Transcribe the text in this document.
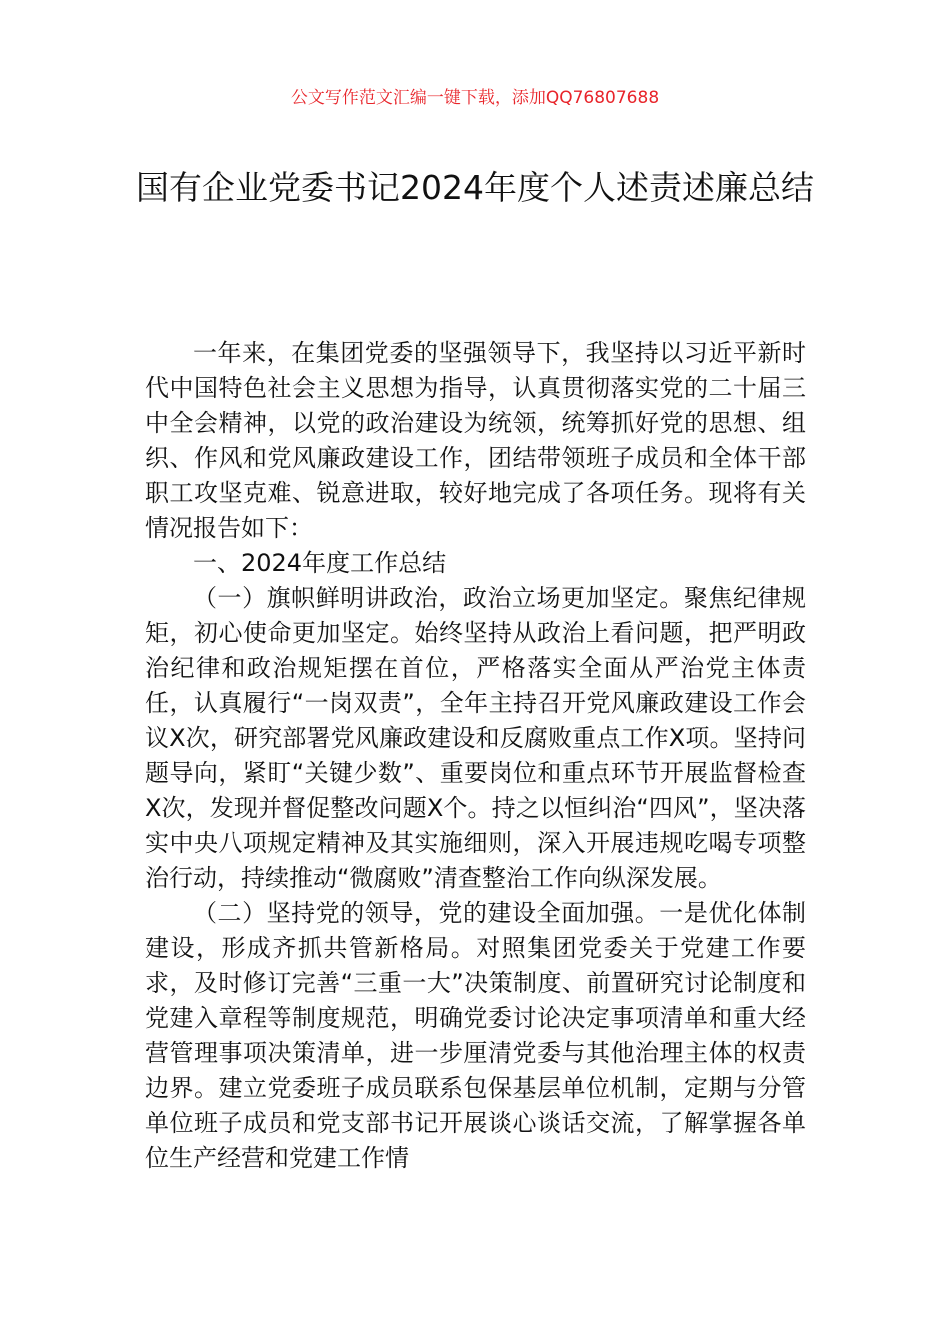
公文写作范文汇编一键下载，添加QQ76807688
国有企业党委书记2024年度个人述责述廉总结

一年来，在集团党委的坚强领导下，我坚持以习近平新时代中国特色社会主义思想为指导，认真贯彻落实党的二十届三中全会精神，以党的政治建设为统领，统筹抓好党的思想、组织、作风和党风廉政建设工作，团结带领班子成员和全体干部职工攻坚克难、锐意进取，较好地完成了各项任务。现将有关情况报告如下：

一、2024年度工作总结

（一）旗帜鲜明讲政治，政治立场更加坚定。聚焦纪律规矩，初心使命更加坚定。始终坚持从政治上看问题，把严明政治纪律和政治规矩摆在首位，严格落实全面从严治党主体责任，认真履行“一岗双责”，全年主持召开党风廉政建设工作会议X次，研究部署党风廉政建设和反腐败重点工作X项。坚持问题导向，紧盯“关键少数”、重要岗位和重点环节开展监督检查X次，发现并督促整改问题X个。持之以恒纠治“四风”，坚决落实中央八项规定精神及其实施细则，深入开展违规吃喝专项整治行动，持续推动“微腐败”清查整治工作向纵深发展。

（二）坚持党的领导，党的建设全面加强。一是优化体制建设，形成齐抓共管新格局。对照集团党委关于党建工作要求，及时修订完善“三重一大”决策制度、前置研究讨论制度和党建入章程等制度规范，明确党委讨论决定事项清单和重大经营管理事项决策清单，进一步厘清党委与其他治理主体的权责边界。建立党委班子成员联系包保基层单位机制，定期与分管单位班子成员和党支部书记开展谈心谈话交流，了解掌握各单位生产经营和党建工作情
